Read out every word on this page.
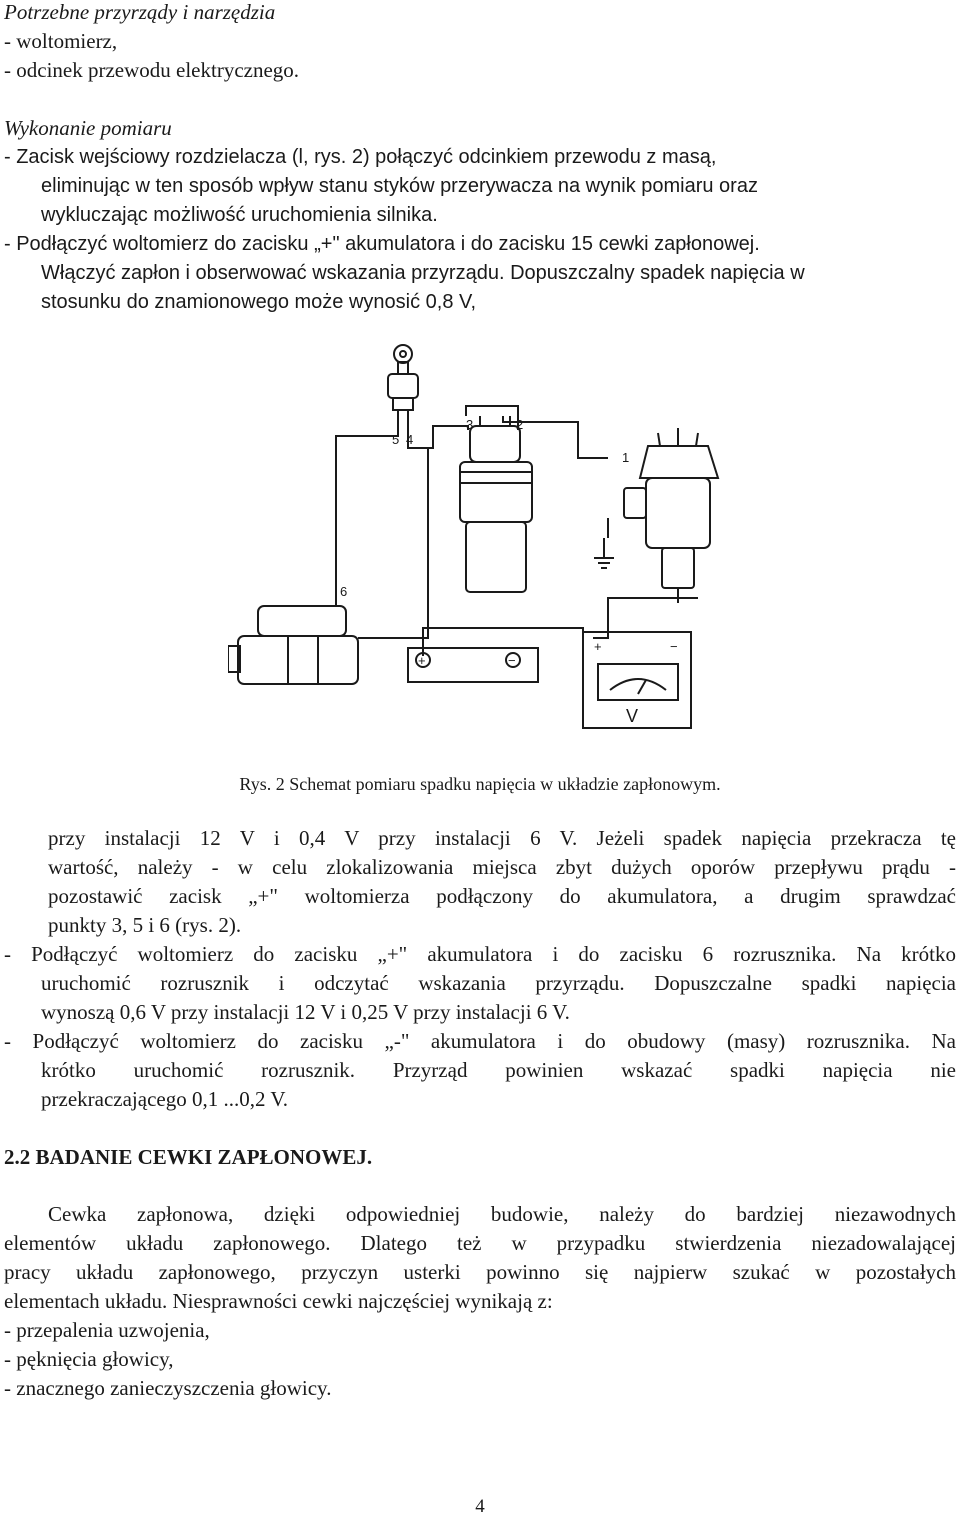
Potrzebne przyrządy i narzędzia
- woltomierz,
- odcinek przewodu elektrycznego.
Wykonanie pomiaru
- Zacisk wejściowy rozdzielacza (l, rys. 2) połączyć odcinkiem przewodu z masą,
eliminując w ten sposób wpływ stanu styków przerywacza na wynik pomiaru oraz
wykluczając możliwość uruchomienia silnika.
- Podłączyć woltomierz do zacisku „+" akumulatora i do zacisku 15 cewki zapłonowej.
Włączyć zapłon i obserwować wskazania przyrządu. Dopuszczalny spadek napięcia w
stosunku do znamionowego może wynosić 0,8 V,
5 4
3	2
1
6
+	−
+	−
V
Rys. 2 Schemat pomiaru spadku napięcia w układzie zapłonowym.
przy instalacji 12 V i 0,4 V przy instalacji 6 V. Jeżeli spadek napięcia przekracza tę
wartość, należy - w celu zlokalizowania miejsca zbyt dużych oporów przepływu prądu -
pozostawić zacisk „+" woltomierza podłączony do akumulatora, a drugim sprawdzać
punkty 3, 5 i 6 (rys. 2).
- Podłączyć woltomierz do zacisku „+" akumulatora i do zacisku 6 rozrusznika. Na krótko
uruchomić rozrusznik i odczytać wskazania przyrządu. Dopuszczalne spadki napięcia
wynoszą 0,6 V przy instalacji 12 V i 0,25 V przy instalacji 6 V.
- Podłączyć woltomierz do zacisku „-" akumulatora i do obudowy (masy) rozrusznika. Na
krótko uruchomić rozrusznik. Przyrząd powinien wskazać spadki napięcia nie
przekraczającego 0,1 ...0,2 V.
2.2 BADANIE CEWKI ZAPŁONOWEJ.
Cewka zapłonowa, dzięki odpowiedniej budowie, należy do bardziej niezawodnych
elementów układu zapłonowego. Dlatego też w przypadku stwierdzenia niezadowalającej
pracy układu zapłonowego, przyczyn usterki powinno się najpierw szukać w pozostałych
elementach układu. Niesprawności cewki najczęściej wynikają z:
- przepalenia uzwojenia,
- pęknięcia głowicy,
- znacznego zanieczyszczenia głowicy.
4
